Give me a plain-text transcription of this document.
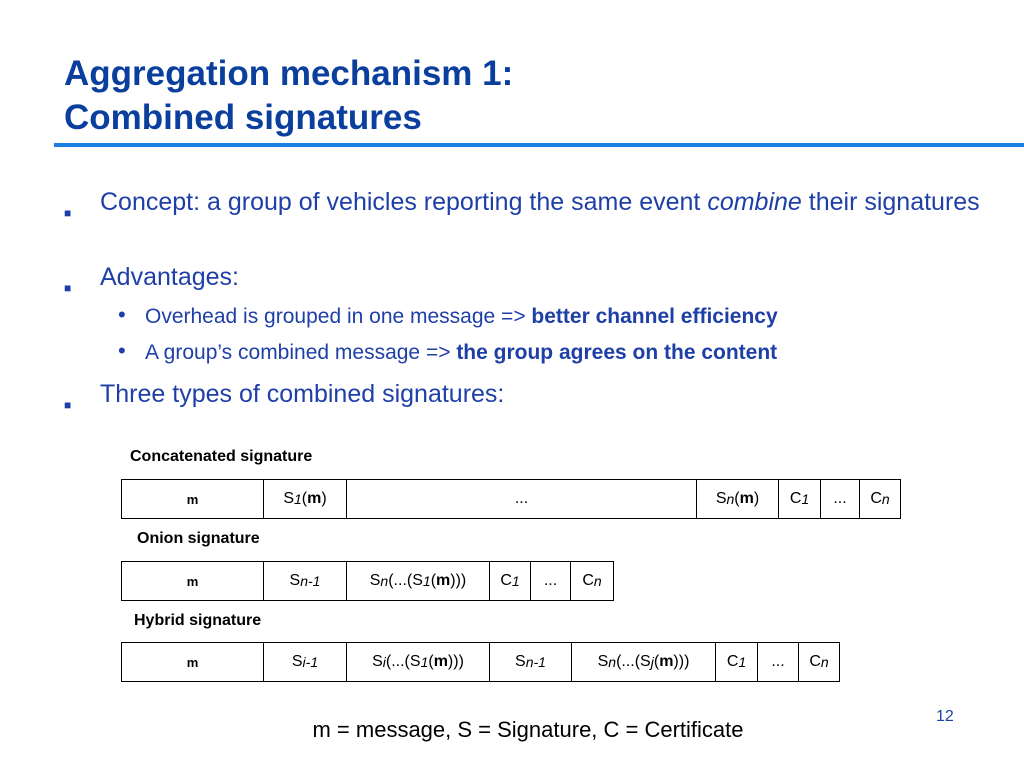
Aggregation mechanism 1:
Combined signatures
■ Concept: a group of vehicles reporting the same event combine their signatures
■ Advantages:
• Overhead is grouped in one message => better channel efficiency
• A group’s combined message => the group agrees on the content
■ Three types of combined signatures:
Concatenated signature
m	S 1 ( m )	...	S n ( m )	C 1	...	C n
Onion signature
m	S n-1	S n (...(S 1 ( m )))	C 1	...	C n
Hybrid signature
m	S i-1	S i (...(S 1 ( m )))	S n-1	S n (...(S j ( m )))	C 1	...	C n
m = message, S = Signature, C = Certificate
12
